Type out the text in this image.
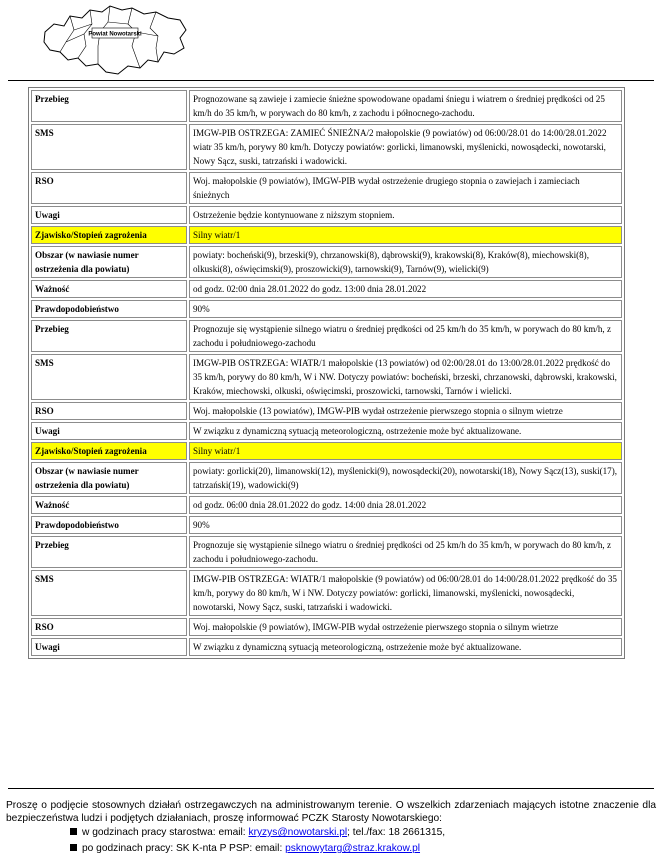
Powiat Nowotarski
Przebieg	Prognozowane są zawieje i zamiecie śnieżne spowodowane opadami śniegu i wiatrem o średniej prędkości od 25 km/h do 35 km/h, w porywach do 80 km/h, z zachodu i północnego-zachodu.
SMS	IMGW-PIB OSTRZEGA: ZAMIEĆ ŚNIEŻNA/2 małopolskie (9 powiatów) od 06:00/28.01 do 14:00/28.01.2022 wiatr 35 km/h, porywy 80 km/h. Dotyczy powiatów: gorlicki, limanowski, myślenicki, nowosądecki, nowotarski, Nowy Sącz, suski, tatrzański i wadowicki.
RSO	Woj. małopolskie (9 powiatów), IMGW-PIB wydał ostrzeżenie drugiego stopnia o zawiejach i zamieciach śnieżnych
Uwagi	Ostrzeżenie będzie kontynuowane z niższym stopniem.
Zjawisko/Stopień zagrożenia	Silny wiatr/1
Obszar (w nawiasie numer ostrzeżenia dla powiatu)	powiaty: bocheński(9), brzeski(9), chrzanowski(8), dąbrowski(9), krakowski(8), Kraków(8), miechowski(8), olkuski(8), oświęcimski(9), proszowicki(9), tarnowski(9), Tarnów(9), wielicki(9)
Ważność	od godz. 02:00 dnia 28.01.2022 do godz. 13:00 dnia 28.01.2022
Prawdopodobieństwo	90%
Przebieg	Prognozuje się wystąpienie silnego wiatru o średniej prędkości od 25 km/h do 35 km/h, w porywach do 80 km/h, z zachodu i południowego-zachodu
SMS	IMGW-PIB OSTRZEGA: WIATR/1 małopolskie (13 powiatów) od 02:00/28.01 do 13:00/28.01.2022 prędkość do 35 km/h, porywy do 80 km/h, W i NW. Dotyczy powiatów: bocheński, brzeski, chrzanowski, dąbrowski, krakowski, Kraków, miechowski, olkuski, oświęcimski, proszowicki, tarnowski, Tarnów i wielicki.
RSO	Woj. małopolskie (13 powiatów), IMGW-PIB wydał ostrzeżenie pierwszego stopnia o silnym wietrze
Uwagi	W związku z dynamiczną sytuacją meteorologiczną, ostrzeżenie może być aktualizowane.
Zjawisko/Stopień zagrożenia	Silny wiatr/1
Obszar (w nawiasie numer ostrzeżenia dla powiatu)	powiaty: gorlicki(20), limanowski(12), myślenicki(9), nowosądecki(20), nowotarski(18), Nowy Sącz(13), suski(17), tatrzański(19), wadowicki(9)
Ważność	od godz. 06:00 dnia 28.01.2022 do godz. 14:00 dnia 28.01.2022
Prawdopodobieństwo	90%
Przebieg	Prognozuje się wystąpienie silnego wiatru o średniej prędkości od 25 km/h do 35 km/h, w porywach do 80 km/h, z zachodu i południowego-zachodu.
SMS	IMGW-PIB OSTRZEGA: WIATR/1 małopolskie (9 powiatów) od 06:00/28.01 do 14:00/28.01.2022 prędkość do 35 km/h, porywy do 80 km/h, W i NW. Dotyczy powiatów: gorlicki, limanowski, myślenicki, nowosądecki, nowotarski, Nowy Sącz, suski, tatrzański i wadowicki.
RSO	Woj. małopolskie (9 powiatów), IMGW-PIB wydał ostrzeżenie pierwszego stopnia o silnym wietrze
Uwagi	W związku z dynamiczną sytuacją meteorologiczną, ostrzeżenie może być aktualizowane.
Proszę o podjęcie stosownych działań ostrzegawczych na administrowanym terenie. O wszelkich zdarzeniach mających istotne znaczenie dla bezpieczeństwa ludzi i podjętych działaniach, proszę informować PCZK Starosty Nowotarskiego:
w godzinach pracy starostwa: email: kryzys@nowotarski.pl; tel./fax: 18 2661315,
po godzinach pracy: SK K-nta P PSP: email: psknowytarg@straz.krakow.pl
